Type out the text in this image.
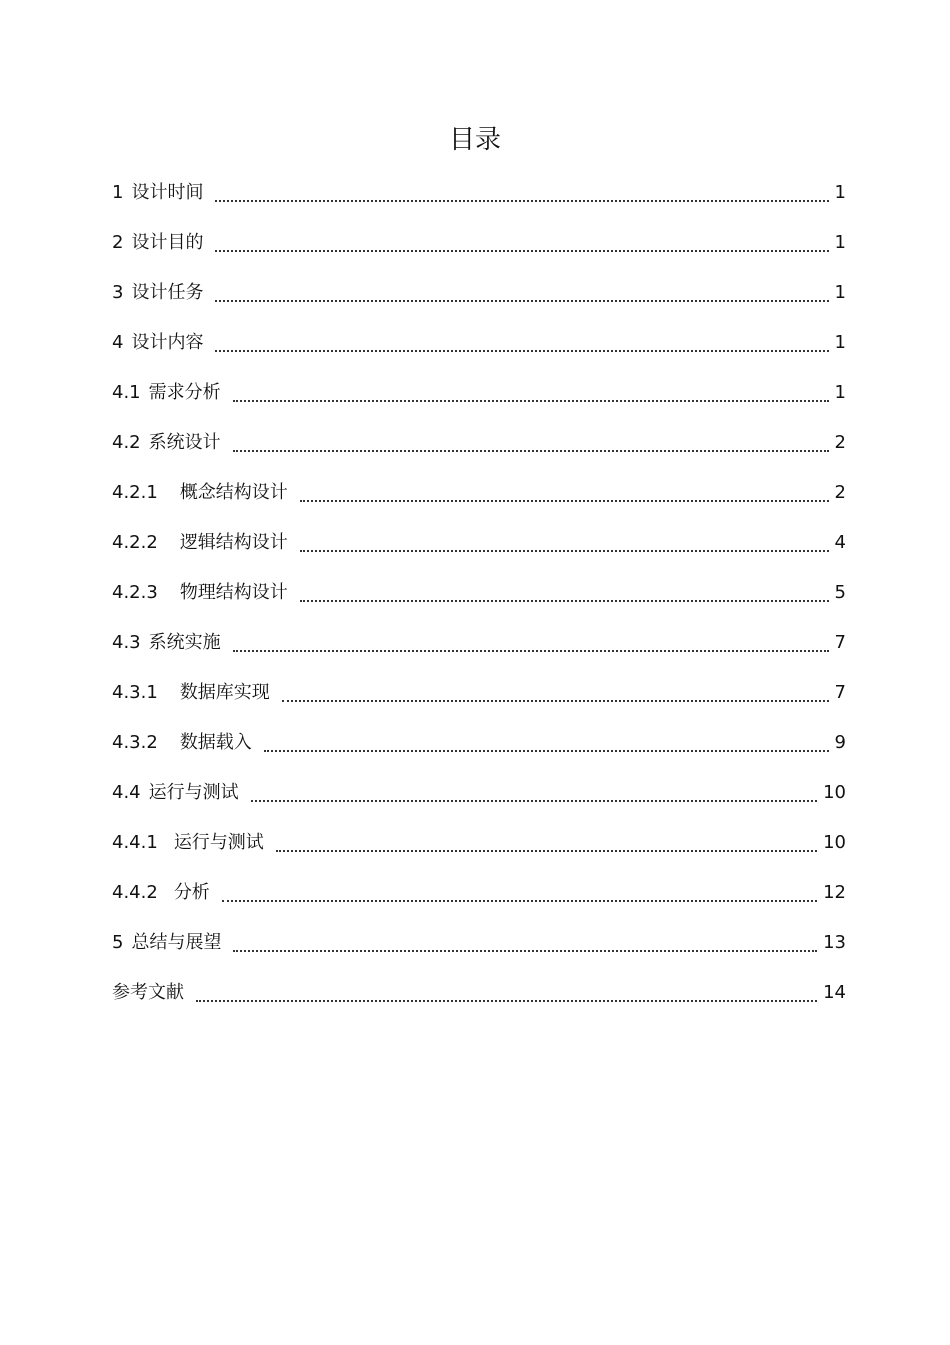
目录
1 设计时间	1
2 设计目的	1
3 设计任务	1
4 设计内容	1
4.1 需求分析	1
4.2 系统设计	2
4.2.1 概念结构设计	2
4.2.2 逻辑结构设计	4
4.2.3 物理结构设计	5
4.3 系统实施	7
4.3.1 数据库实现	7
4.3.2 数据载入	9
4.4 运行与测试	10
4.4.1 运行与测试	10
4.4.2 分析	12
5 总结与展望	13
参考文献	14
